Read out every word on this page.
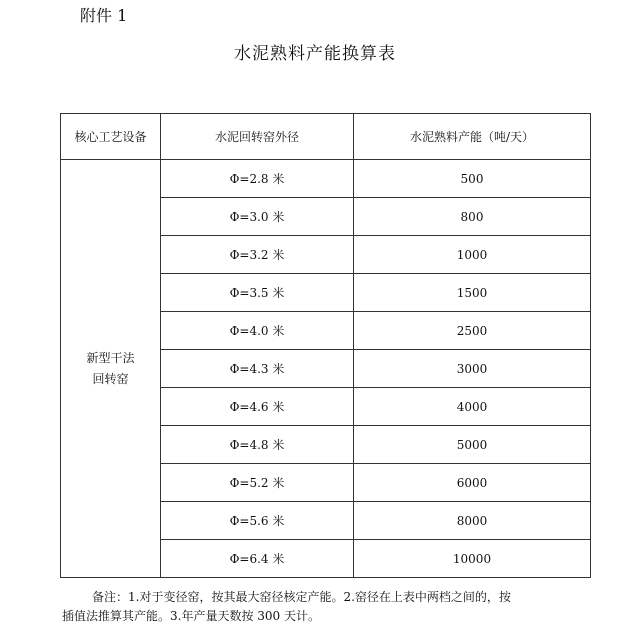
附件 1
水泥熟料产能换算表
核心工艺设备	水泥回转窑外径	水泥熟料产能（吨/天）

新型干法
回转窑	Φ=2.8 米	500
	Φ=3.0 米	800
	Φ=3.2 米	1000
	Φ=3.5 米	1500
	Φ=4.0 米	2500
	Φ=4.3 米	3000
	Φ=4.6 米	4000
	Φ=4.8 米	5000
	Φ=5.2 米	6000
	Φ=5.6 米	8000
	Φ=6.4 米	10000
备注：1.对于变径窑，按其最大窑径核定产能。2.窑径在上表中两档之间的，按
插值法推算其产能。3.年产量天数按 300 天计。
